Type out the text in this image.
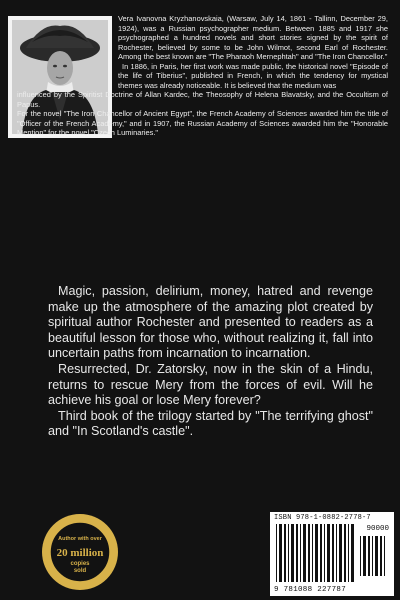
Vera Ivanovna Kryzhanovskaia, (Warsaw, July 14, 1861 - Tallinn, December 29, 1924), was a Russian psychographer medium. Between 1885 and 1917 she psychographed a hundred novels and short stories signed by the spirit of Rochester, believed by some to be John Wilmot, second Earl of Rochester. Among the best known are "The Pharaoh Mernephtah" and "The Iron Chancellor."

In 1886, in Paris, her first work was made public, the historical novel "Episode of the life of Tiberius", published in French, in which the tendency for mystical themes was already noticeable. It is believed that the medium was

influenced by the Spiritist Doctrine of Allan Kardec, the Theosophy of Helena Blavatsky, and the Occultism of Papus.

For the novel "The Iron Chancellor of Ancient Egypt", the French Academy of Sciences awarded him the title of "Officer of the French Academy," and in 1907, the Russian Academy of Sciences awarded him the "Honorable Mention" for the novel "Czech Luminaries."

Magic, passion, delirium, money, hatred and revenge make up the atmosphere of the amazing plot created by spiritual author Rochester and presented to readers as a beautiful lesson for those who, without realizing it, fall into uncertain paths from incarnation to incarnation.

Resurrected, Dr. Zatorsky, now in the skin of a Hindu, returns to rescue Mery from the forces of evil. Will he achieve his goal or lose Mery forever?

Third book of the trilogy started by "The terrifying ghost" and "In Scotland's castle".

Author with over
20 million
copies
sold
ISBN 978-1-0882-2778-7
90000
9 781088 227787
